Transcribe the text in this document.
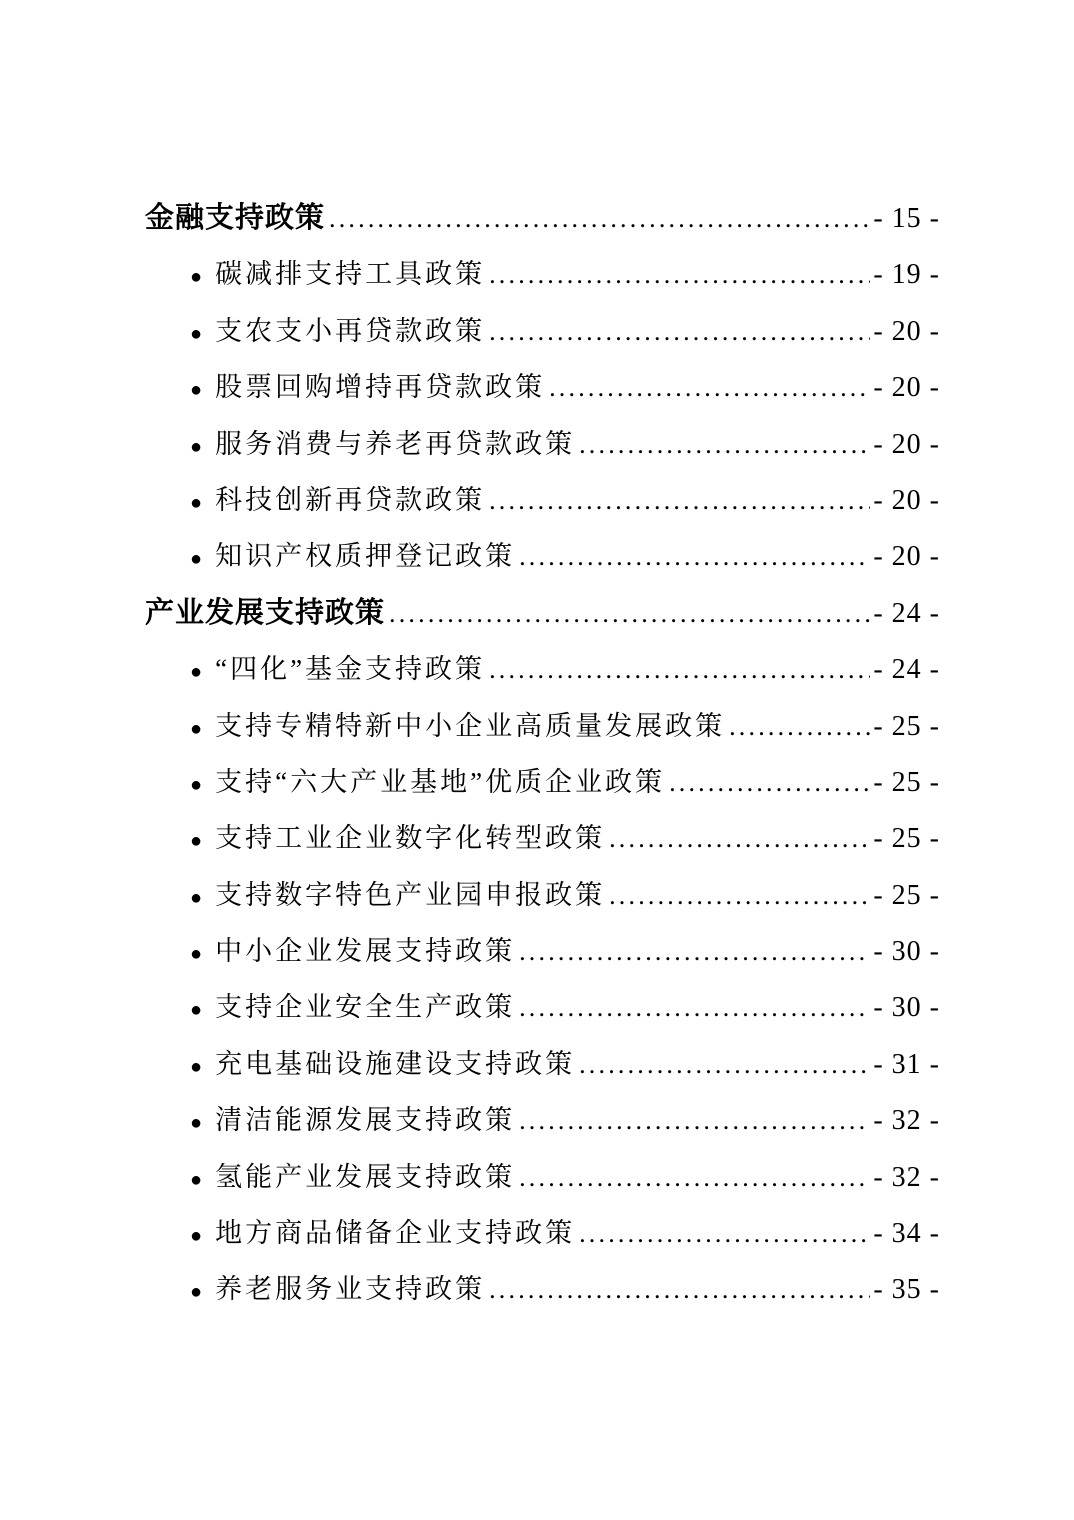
金融支持政策 .....	- 15 -
● 碳减排支持工具政策 .....	- 19 -
● 支农支小再贷款政策 .....	- 20 -
● 股票回购增持再贷款政策 .....	- 20 -
● 服务消费与养老再贷款政策 .....	- 20 -
● 科技创新再贷款政策 .....	- 20 -
● 知识产权质押登记政策 .....	- 20 -
产业发展支持政策 .....	- 24 -
● “四化”基金支持政策 .....	- 24 -
● 支持专精特新中小企业高质量发展政策 .....	- 25 -
● 支持“六大产业基地”优质企业政策 .....	- 25 -
● 支持工业企业数字化转型政策 .....	- 25 -
● 支持数字特色产业园申报政策 .....	- 25 -
● 中小企业发展支持政策 .....	- 30 -
● 支持企业安全生产政策 .....	- 30 -
● 充电基础设施建设支持政策 .....	- 31 -
● 清洁能源发展支持政策 .....	- 32 -
● 氢能产业发展支持政策 .....	- 32 -
● 地方商品储备企业支持政策 .....	- 34 -
● 养老服务业支持政策 .....	- 35 -
